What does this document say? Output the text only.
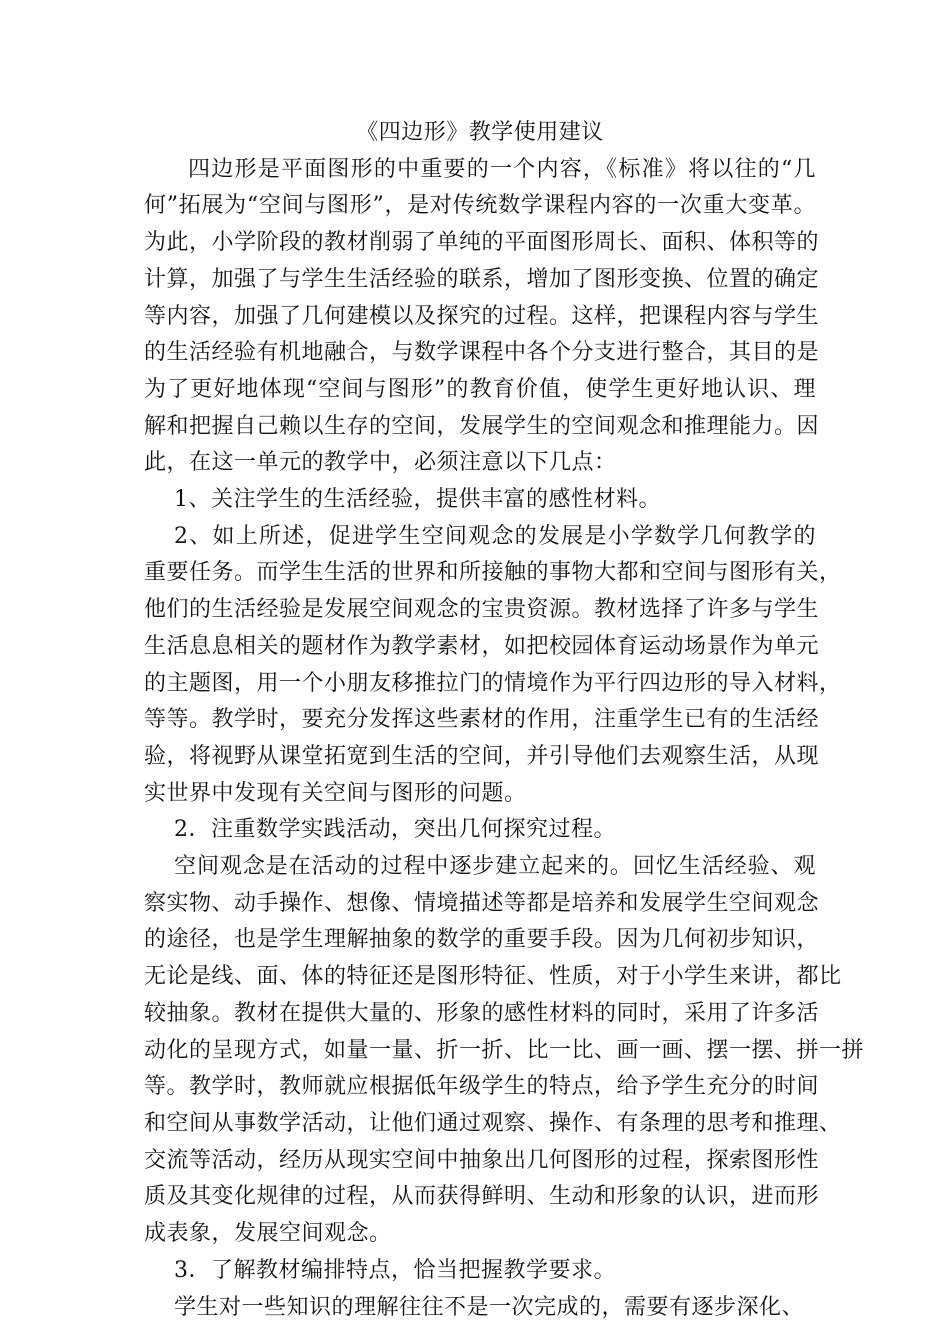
《四边形》教学使用建议
四边形是平面图形的中重要的一个内容，《标准》将以往的“几
何”拓展为“空间与图形”，是对传统数学课程内容的一次重大变革。
为此，小学阶段的教材削弱了单纯的平面图形周长、面积、体积等的
计算，加强了与学生生活经验的联系，增加了图形变换、位置的确定
等内容，加强了几何建模以及探究的过程。这样，把课程内容与学生
的生活经验有机地融合，与数学课程中各个分支进行整合，其目的是
为了更好地体现“空间与图形”的教育价值，使学生更好地认识、理
解和把握自己赖以生存的空间，发展学生的空间观念和推理能力。因
此，在这一单元的教学中，必须注意以下几点：
1、关注学生的生活经验，提供丰富的感性材料。
2、如上所述，促进学生空间观念的发展是小学数学几何教学的
重要任务。而学生生活的世界和所接触的事物大都和空间与图形有关，
他们的生活经验是发展空间观念的宝贵资源。教材选择了许多与学生
生活息息相关的题材作为教学素材，如把校园体育运动场景作为单元
的主题图，用一个小朋友移推拉门的情境作为平行四边形的导入材料，
等等。教学时，要充分发挥这些素材的作用，注重学生已有的生活经
验，将视野从课堂拓宽到生活的空间，并引导他们去观察生活，从现
实世界中发现有关空间与图形的问题。
2．注重数学实践活动，突出几何探究过程。
空间观念是在活动的过程中逐步建立起来的。回忆生活经验、观
察实物、动手操作、想像、情境描述等都是培养和发展学生空间观念
的途径，也是学生理解抽象的数学的重要手段。因为几何初步知识，
无论是线、面、体的特征还是图形特征、性质，对于小学生来讲，都比
较抽象。教材在提供大量的、形象的感性材料的同时，采用了许多活
动化的呈现方式，如量一量、折一折、比一比、画一画、摆一摆、拼一拼
等。教学时，教师就应根据低年级学生的特点，给予学生充分的时间
和空间从事数学活动，让他们通过观察、操作、有条理的思考和推理、
交流等活动，经历从现实空间中抽象出几何图形的过程，探索图形性
质及其变化规律的过程，从而获得鲜明、生动和形象的认识，进而形
成表象，发展空间观念。
3．了解教材编排特点，恰当把握教学要求。
学生对一些知识的理解往往不是一次完成的，需要有逐步深化、
